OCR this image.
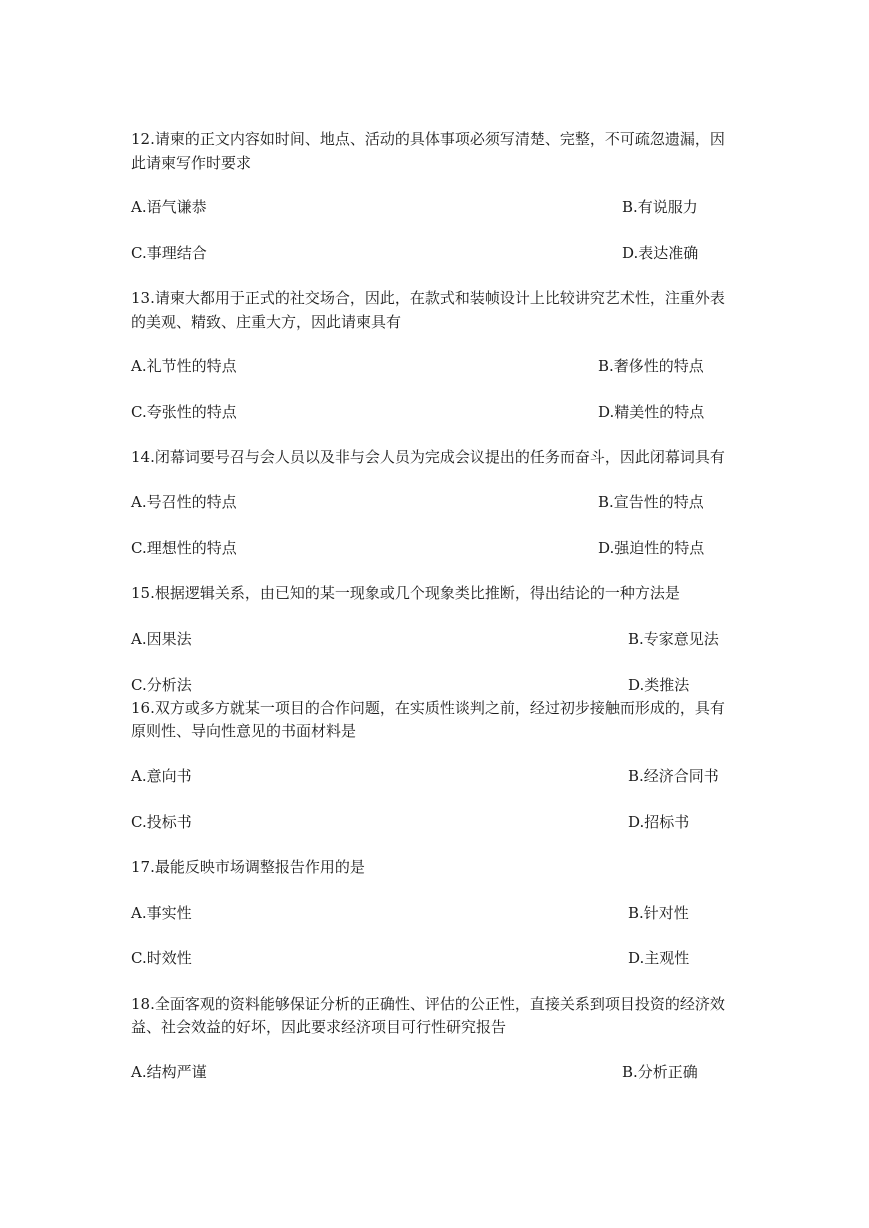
12.请柬的正文内容如时间、地点、活动的具体事项必须写清楚、完整，不可疏忽遗漏，因
此请柬写作时要求
A.语气谦恭	B.有说服力
C.事理结合	D.表达准确
13.请柬大都用于正式的社交场合，因此，在款式和装帧设计上比较讲究艺术性，注重外表
的美观、精致、庄重大方，因此请柬具有
A.礼节性的特点	B.奢侈性的特点
C.夸张性的特点	D.精美性的特点
14.闭幕词要号召与会人员以及非与会人员为完成会议提出的任务而奋斗，因此闭幕词具有
A.号召性的特点	B.宣告性的特点
C.理想性的特点	D.强迫性的特点
15.根据逻辑关系，由已知的某一现象或几个现象类比推断，得出结论的一种方法是
A.因果法	B.专家意见法
C.分析法	D.类推法
16.双方或多方就某一项目的合作问题，在实质性谈判之前，经过初步接触而形成的，具有
原则性、导向性意见的书面材料是
A.意向书	B.经济合同书
C.投标书	D.招标书
17.最能反映市场调整报告作用的是
A.事实性	B.针对性
C.时效性	D.主观性
18.全面客观的资料能够保证分析的正确性、评估的公正性，直接关系到项目投资的经济效
益、社会效益的好坏，因此要求经济项目可行性研究报告
A.结构严谨	B.分析正确
